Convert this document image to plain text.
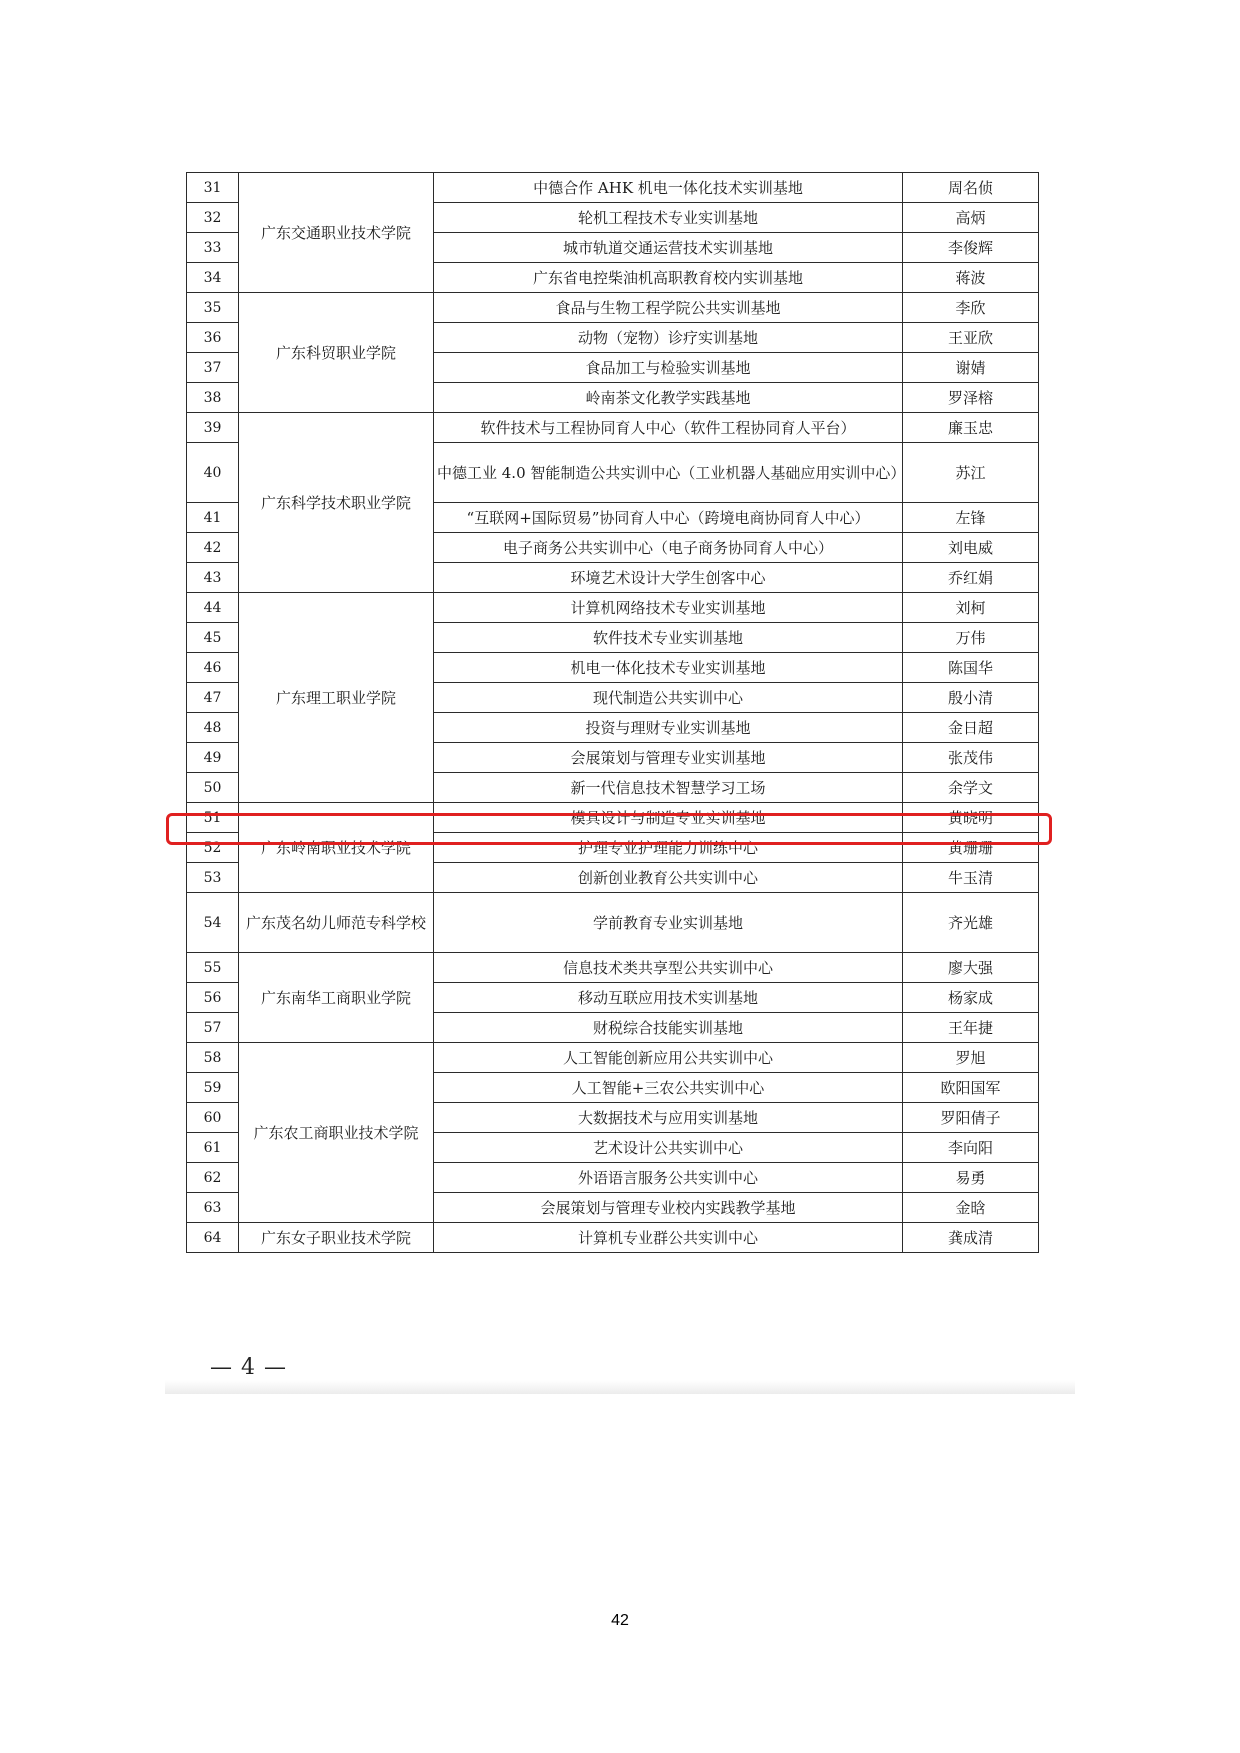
31	广东交通职业技术学院	中德合作 AHK 机电一体化技术实训基地	周名侦
32		轮机工程技术专业实训基地	高炳
33		城市轨道交通运营技术实训基地	李俊辉
34		广东省电控柴油机高职教育校内实训基地	蒋波
35	广东科贸职业学院	食品与生物工程学院公共实训基地	李欣
36		动物（宠物）诊疗实训基地	王亚欣
37		食品加工与检验实训基地	谢婧
38		岭南茶文化教学实践基地	罗泽榕
39	广东科学技术职业学院	软件技术与工程协同育人中心（软件工程协同育人平台）	廉玉忠
40		中德工业 4.0 智能制造公共实训中心（工业机器人基础应用实训中心）	苏江
41		“互联网+国际贸易”协同育人中心（跨境电商协同育人中心）	左锋
42		电子商务公共实训中心（电子商务协同育人中心）	刘电威
43		环境艺术设计大学生创客中心	乔红娟
44	广东理工职业学院	计算机网络技术专业实训基地	刘柯
45		软件技术专业实训基地	万伟
46		机电一体化技术专业实训基地	陈国华
47		现代制造公共实训中心	殷小清
48		投资与理财专业实训基地	金日超
49		会展策划与管理专业实训基地	张茂伟
50		新一代信息技术智慧学习工场	余学文
51	广东岭南职业技术学院	模具设计与制造专业实训基地	黄晓明
52		护理专业护理能力训练中心	黄珊珊
53		创新创业教育公共实训中心	牛玉清
54	广东茂名幼儿师范专科学校	学前教育专业实训基地	齐光雄
55	广东南华工商职业学院	信息技术类共享型公共实训中心	廖大强
56		移动互联应用技术实训基地	杨家成
57		财税综合技能实训基地	王年捷
58	广东农工商职业技术学院	人工智能创新应用公共实训中心	罗旭
59		人工智能+三农公共实训中心	欧阳国军
60		大数据技术与应用实训基地	罗阳倩子
61		艺术设计公共实训中心	李向阳
62		外语语言服务公共实训中心	易勇
63		会展策划与管理专业校内实践教学基地	金晗
64	广东女子职业技术学院	计算机专业群公共实训中心	龚成清
— 4 —
42
